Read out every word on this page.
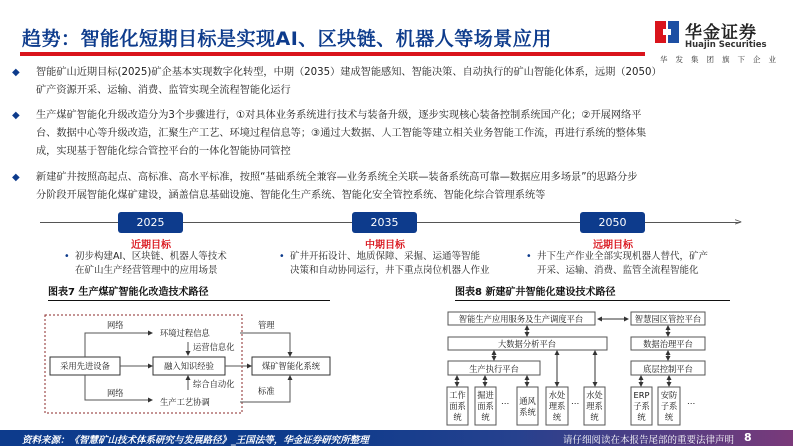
趋势：智能化短期目标是实现AI、区块链、机器人等场景应用	华金证券
Huajin Securities
华发集团旗下企业
◆ 智能矿山近期目标(2025)矿企基本实现数字化转型，中期（2035）建成智能感知、智能决策、自动执行的矿山智能化体系，远期（2050）
矿产资源开采、运输、消费、监管实现全流程智能化运行
◆ 生产煤矿智能化升级改造分为3个步骤进行，①对具体业务系统进行技术与装备升级，逐步实现核心装备控制系统国产化；②开展网络平
台、数据中心等升级改造，汇聚生产工艺、环境过程信息等；③通过大数据、人工智能等建立相关业务智能工作流，再进行系统的整体集
成，实现基于智能化综合管控平台的一体化智能协同管控
◆ 新建矿井按照高起点、高标准、高水平标准，按照“基础系统全兼容—业务系统全关联—装备系统高可靠—数据应用多场景”的思路分步
分阶段开展智能化煤矿建设，涵盖信息基础设施、智能化生产系统、智能化安全管控系统、智能化综合管理系统等
>
2025	2035	2050
近期目标	中期目标	远期目标
• 初步构建AI、区块链、机器人等技术
在矿山生产经营管理中的应用场景
• 矿井开拓设计、地质保障、采掘、运通等智能
决策和自动协同运行，井下重点岗位机器人作业
• 井下生产作业全部实现机器人替代，矿产
开采、运输、消费、监管全流程智能化
图表7 生产煤矿智能化改造技术路径	图表8 新建矿井智能化建设技术路径
采用先进设备	融入知识经验	煤矿智能化系统
环境过程信息
生产工艺协调
网络
网络
运营信息化
综合自动化
管理
标准
智能生产应用服务及生产调度平台	智慧园区管控平台
大数据分析平台	数据治理平台
生产执行平台	底层控制平台
工作
面系
统
掘进
面系
统
通风
系统
水处
理系
统
水处
理系
统
ERP
子系
统
安防
子系
统
…	…	…
资料来源：《智慧矿山技术体系研究与发展路径》_王国法等，华金证券研究所整理	请仔细阅读在本报告尾部的重要法律声明 8
